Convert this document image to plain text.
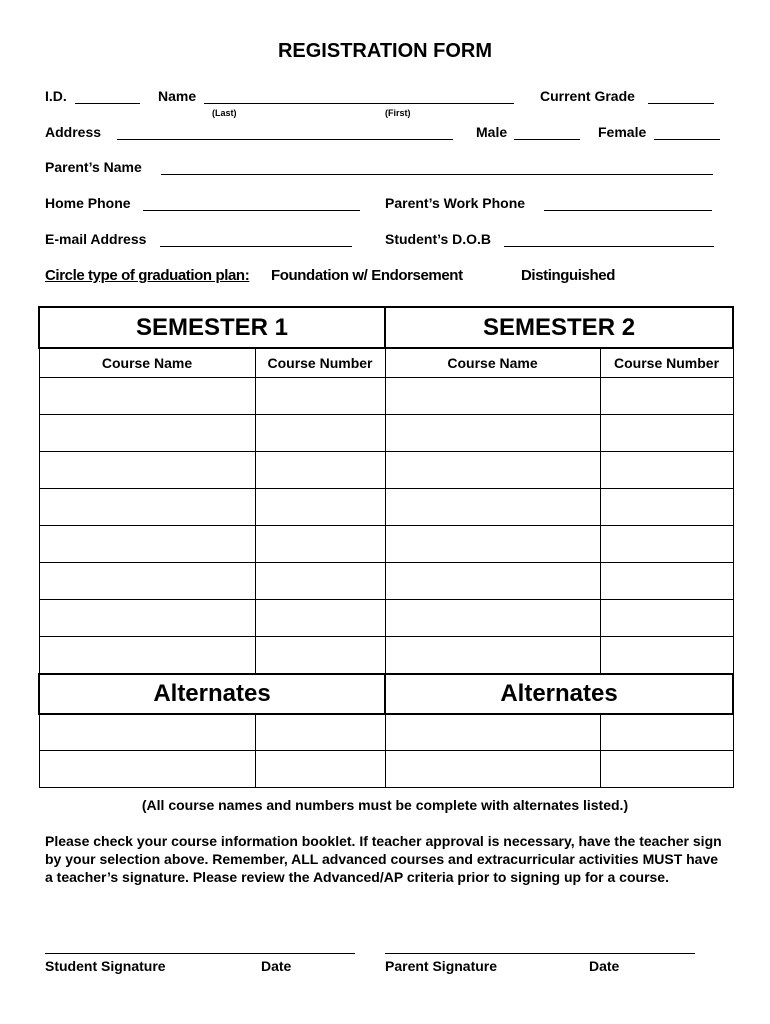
REGISTRATION FORM
I.D.	Name
(Last)	(First)
Current Grade
Address	Male	Female
Parent’s Name
Home Phone	Parent’s Work Phone
E-mail Address	Student’s D.O.B
Circle type of graduation plan: Foundation w/ Endorsement	Distinguished
SEMESTER 1		SEMESTER 2	
Course Name	Course Number	Course Name	Course Number

Alternates		Alternates	

(All course names and numbers must be complete with alternates listed.)
Please check your course information booklet. If teacher approval is necessary, have the teacher sign by your selection above. Remember, ALL advanced courses and extracurricular activities MUST have a teacher’s signature. Please review the Advanced/AP criteria prior to signing up for a course.
Student Signature	Date	Parent Signature	Date
